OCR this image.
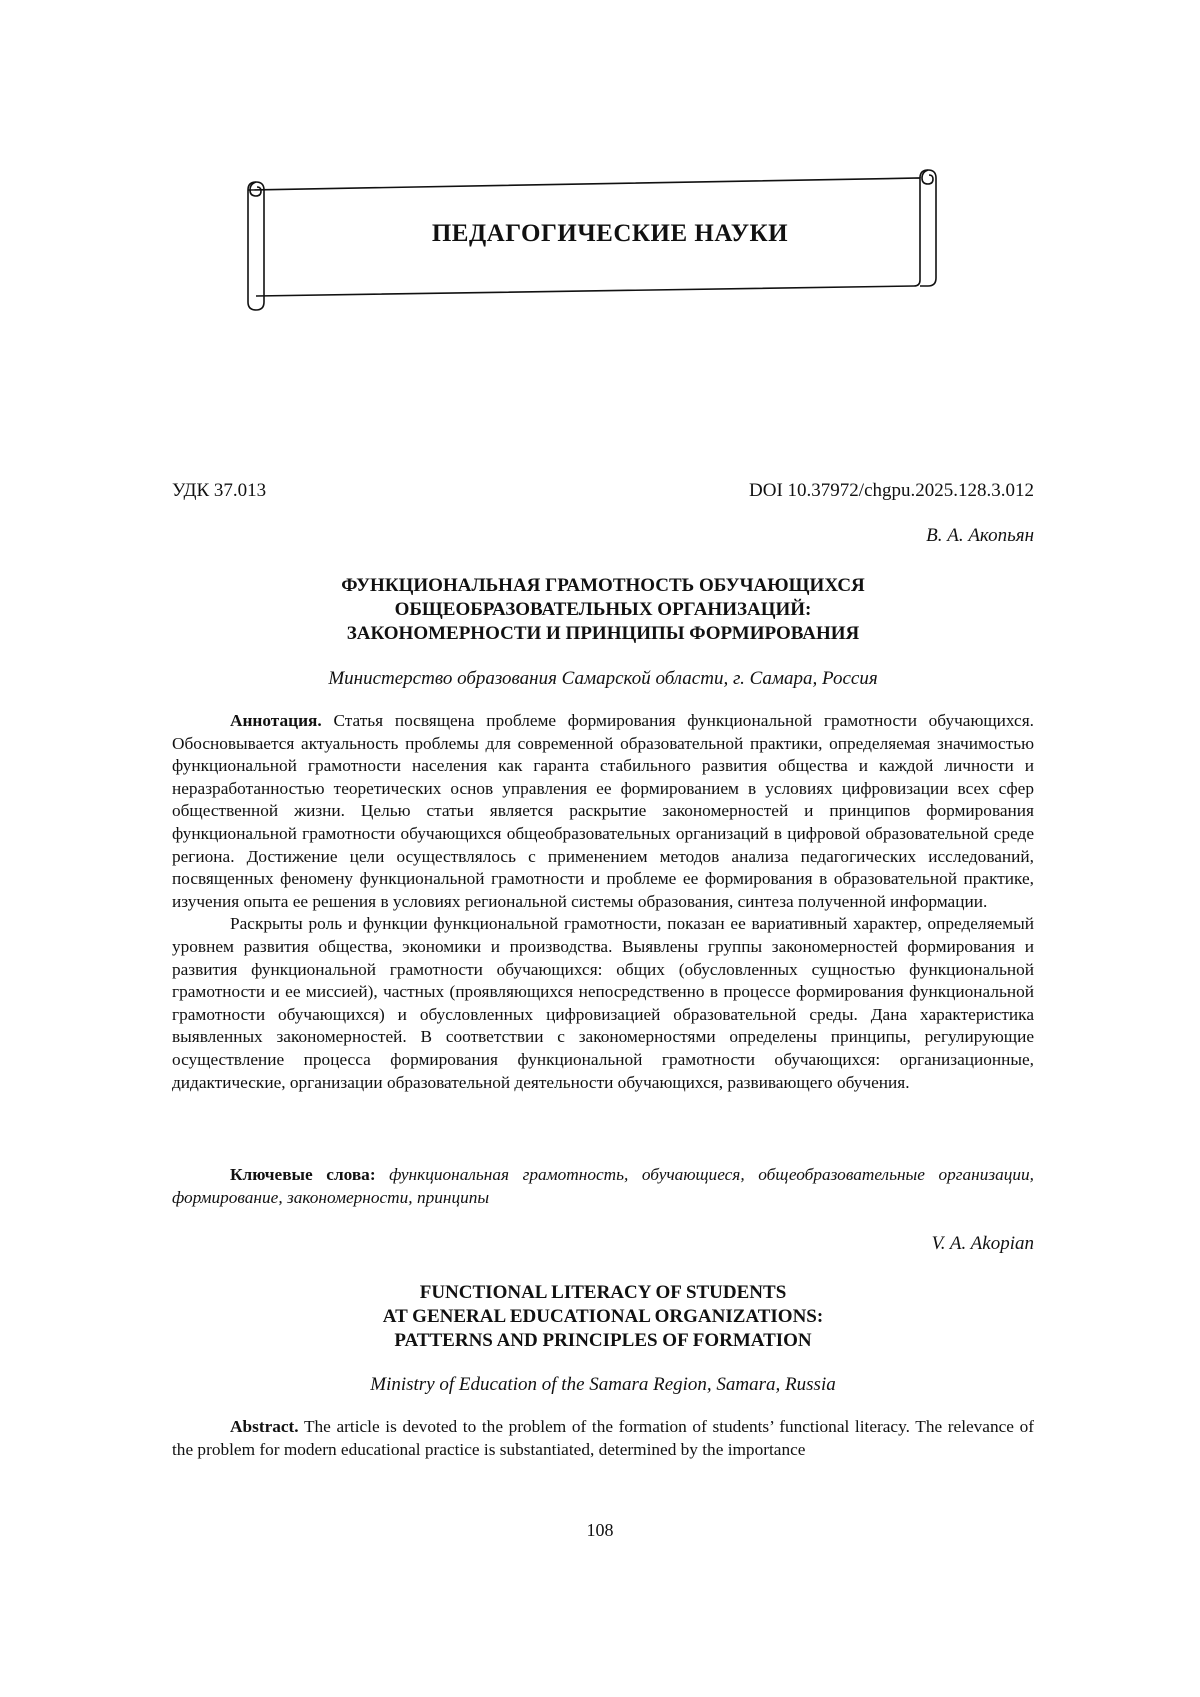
ПЕДАГОГИЧЕСКИЕ НАУКИ
УДК 37.013	DOI 10.37972/chgpu.2025.128.3.012
В. А. Акопьян
ФУНКЦИОНАЛЬНАЯ ГРАМОТНОСТЬ ОБУЧАЮЩИХСЯ
ОБЩЕОБРАЗОВАТЕЛЬНЫХ ОРГАНИЗАЦИЙ:
ЗАКОНОМЕРНОСТИ И ПРИНЦИПЫ ФОРМИРОВАНИЯ
Министерство образования Самарской области, г. Самара, Россия

Аннотация. Статья посвящена проблеме формирования функциональной грамотности обучающихся. Обосновывается актуальность проблемы для современной образовательной практики, определяемая значимостью функциональной грамотности населения как гаранта стабильного развития общества и каждой личности и неразработанностью теоретических основ управления ее формированием в условиях цифровизации всех сфер общественной жизни. Целью статьи является раскрытие закономерностей и принципов формирования функциональной грамотности обучающихся общеобразовательных организаций в цифровой образовательной среде региона. Достижение цели осуществлялось с применением методов анализа педагогических исследований, посвященных феномену функциональной грамотности и проблеме ее формирования в образовательной практике, изучения опыта ее решения в условиях региональной системы образования, синтеза полученной информации.

Раскрыты роль и функции функциональной грамотности, показан ее вариативный характер, определяемый уровнем развития общества, экономики и производства. Выявлены группы закономерностей формирования и развития функциональной грамотности обучающихся: общих (обусловленных сущностью функциональной грамотности и ее миссией), частных (проявляющихся непосредственно в процессе формирования функциональной грамотности обучающихся) и обусловленных цифровизацией образовательной среды. Дана характеристика выявленных закономерностей. В соответствии с закономерностями определены принципы, регулирующие осуществление процесса формирования функциональной грамотности обучающихся: организационные, дидактические, организации образовательной деятельности обучающихся, развивающего обучения.

Ключевые слова: функциональная грамотность, обучающиеся, общеобразовательные организации, формирование, закономерности, принципы

V. A. Akopian
FUNCTIONAL LITERACY OF STUDENTS
AT GENERAL EDUCATIONAL ORGANIZATIONS:
PATTERNS AND PRINCIPLES OF FORMATION
Ministry of Education of the Samara Region, Samara, Russia

Abstract. The article is devoted to the problem of the formation of students’ functional literacy. The relevance of the problem for modern educational practice is substantiated, determined by the importance

108
